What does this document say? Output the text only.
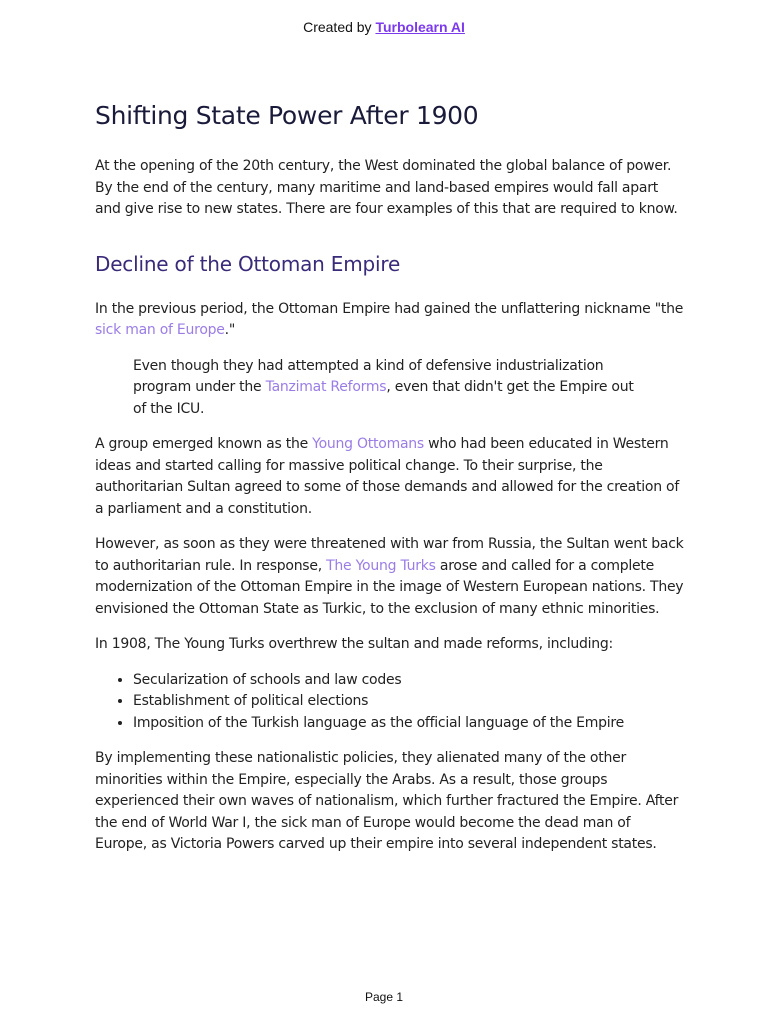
Created by Turbolearn AI
Shifting State Power After 1900

At the opening of the 20th century, the West dominated the global balance of power. By the end of the century, many maritime and land-based empires would fall apart and give rise to new states. There are four examples of this that are required to know.

Decline of the Ottoman Empire

In the previous period, the Ottoman Empire had gained the unflattering nickname "the sick man of Europe."

Even though they had attempted a kind of defensive industrialization program under the Tanzimat Reforms, even that didn't get the Empire out of the ICU.

A group emerged known as the Young Ottomans who had been educated in Western ideas and started calling for massive political change. To their surprise, the authoritarian Sultan agreed to some of those demands and allowed for the creation of a parliament and a constitution.

However, as soon as they were threatened with war from Russia, the Sultan went back to authoritarian rule. In response, The Young Turks arose and called for a complete modernization of the Ottoman Empire in the image of Western European nations. They envisioned the Ottoman State as Turkic, to the exclusion of many ethnic minorities.

In 1908, The Young Turks overthrew the sultan and made reforms, including:

• Secularization of schools and law codes
• Establishment of political elections
• Imposition of the Turkish language as the official language of the Empire

By implementing these nationalistic policies, they alienated many of the other minorities within the Empire, especially the Arabs. As a result, those groups experienced their own waves of nationalism, which further fractured the Empire. After the end of World War I, the sick man of Europe would become the dead man of Europe, as Victoria Powers carved up their empire into several independent states.

Page 1
